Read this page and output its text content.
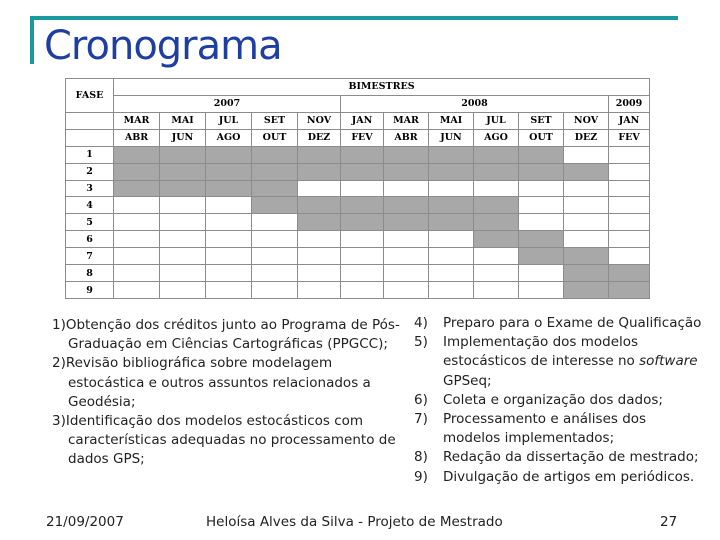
Cronograma
FASE	BIMESTRES											
	2007					2008						2009
	MAR	MAI	JUL	SET	NOV	JAN	MAR	MAI	JUL	SET	NOV	JAN
	ABR	JUN	AGO	OUT	DEZ	FEV	ABR	JUN	AGO	OUT	DEZ	FEV
1												
2												
3												
4												
5												
6												
7												
8												
9												
1)Obtenção dos créditos junto ao Programa de Pós-Graduação em Ciências Cartográficas (PPGCC);
2)Revisão bibliográfica sobre modelagem estocástica e outros assuntos relacionados a Geodésia;
3)Identificação dos modelos estocásticos com características adequadas no processamento de dados GPS;
4) Preparo para o Exame de Qualificação
5) Implementação dos modelos estocásticos de interesse no software GPSeq;
6) Coleta e organização dos dados;
7) Processamento e análises dos modelos implementados;
8) Redação da dissertação de mestrado;
9) Divulgação de artigos em periódicos.
21/09/2007	Heloísa Alves da Silva - Projeto de Mestrado	27
